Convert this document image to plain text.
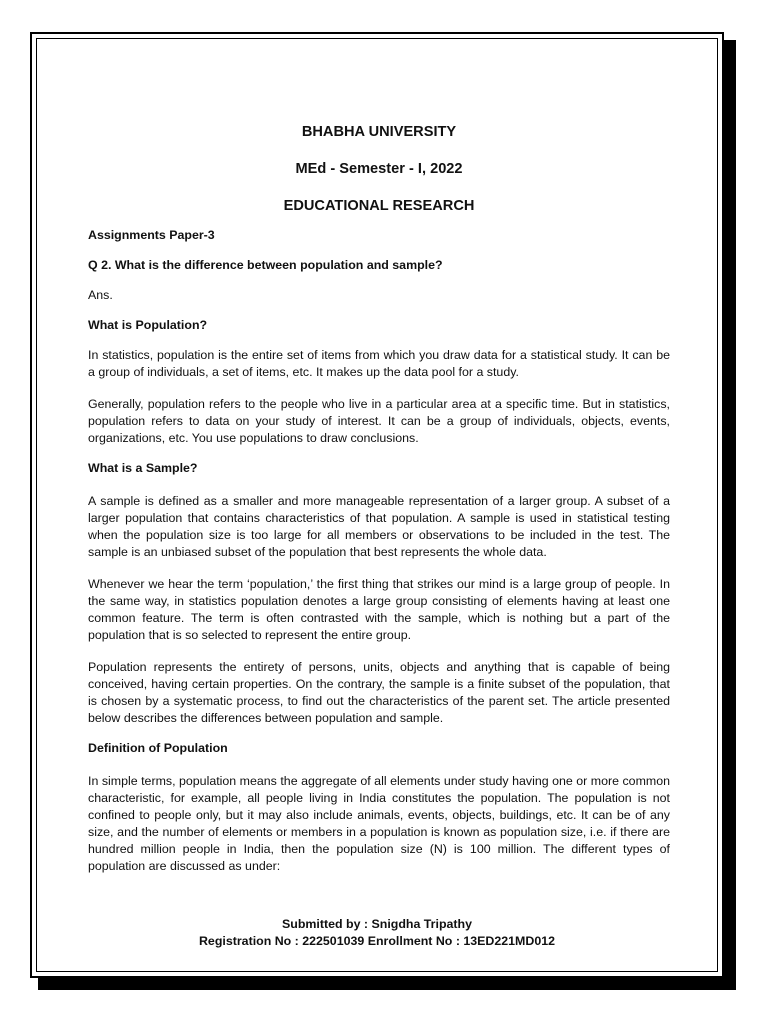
BHABHA UNIVERSITY
MEd - Semester - I, 2022
EDUCATIONAL RESEARCH
Assignments Paper-3
Q 2. What is the difference between population and sample?
Ans.
What is Population?
In statistics, population is the entire set of items from which you draw data for a statistical study. It can be a group of individuals, a set of items, etc. It makes up the data pool for a study.
Generally, population refers to the people who live in a particular area at a specific time. But in statistics, population refers to data on your study of interest. It can be a group of individuals, objects, events, organizations, etc. You use populations to draw conclusions.
What is a Sample?
A sample is defined as a smaller and more manageable representation of a larger group. A subset of a larger population that contains characteristics of that population. A sample is used in statistical testing when the population size is too large for all members or observations to be included in the test. The sample is an unbiased subset of the population that best represents the whole data.
Whenever we hear the term ‘population,’ the first thing that strikes our mind is a large group of people. In the same way, in statistics population denotes a large group consisting of elements having at least one common feature. The term is often contrasted with the sample, which is nothing but a part of the population that is so selected to represent the entire group.
Population represents the entirety of persons, units, objects and anything that is capable of being conceived, having certain properties. On the contrary, the sample is a finite subset of the population, that is chosen by a systematic process, to find out the characteristics of the parent set. The article presented below describes the differences between population and sample.
Definition of Population
In simple terms, population means the aggregate of all elements under study having one or more common characteristic, for example, all people living in India constitutes the population. The population is not confined to people only, but it may also include animals, events, objects, buildings, etc. It can be of any size, and the number of elements or members in a population is known as population size, i.e. if there are hundred million people in India, then the population size (N) is 100 million. The different types of population are discussed as under:
Submitted by : Snigdha Tripathy
Registration No : 222501039 Enrollment No : 13ED221MD012
